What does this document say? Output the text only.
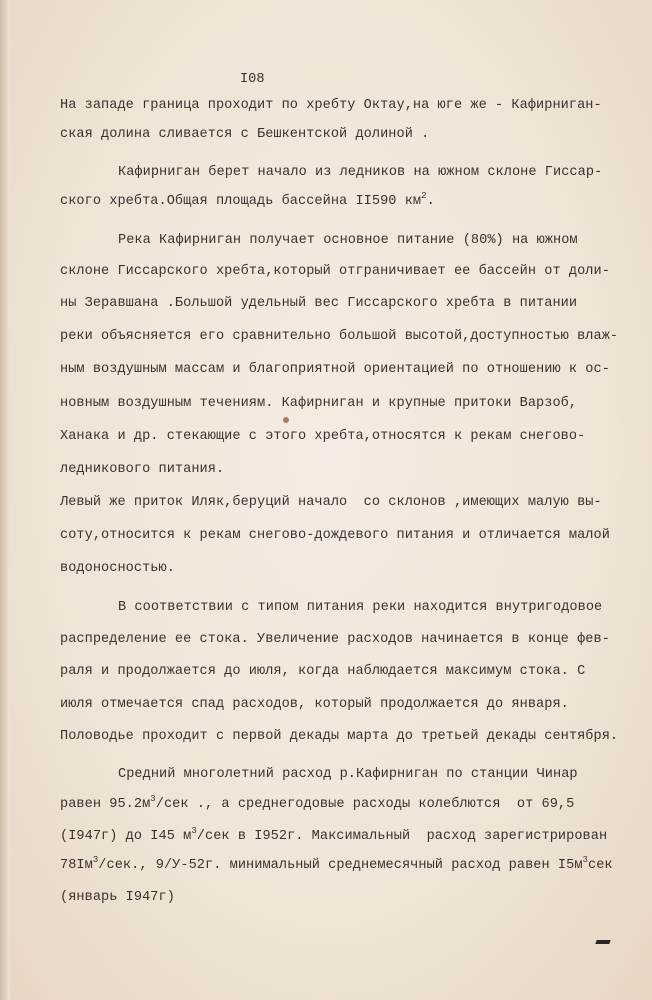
I08
На западе граница проходит по хребту Октау,на юге же - Кафирниган-
ская долина сливается с Бешкентской долиной .
Кафирниган берет начало из ледников на южном склоне Гиссар-
ского хребта.Общая площадь бассейна II590 $км^2$.
Река Кафирниган получает основное питание (80%) на южном
склоне Гиссарского хребта,который отграничивает ее бассейн от доли-
ны Зеравшана .Большой удельный вес Гиссарского хребта в питании
реки объясняется его сравнительно большой высотой,доступностью влаж-
ным воздушным массам и благоприятной ориентацией по отношению к ос-
новным воздушным течениям. Кафирниган и крупные притоки Варзоб,
Ханака и др. стекающие с этого хребта,относятся к рекам снегово-
ледникового питания.
Левый же приток Иляк,беруций начало  со склонов ,имеющих малую вы-
соту,относится к рекам снегово-дождевого питания и отличается малой
водоносностью.
В соответствии с типом питания реки находится внутригодовое
распределение ее стока. Увеличение расходов начинается в конце фев-
раля и продолжается до июля, когда наблюдается максимум стока. С
июля отмечается спад расходов, который продолжается до января.
Половодье проходит с первой декады марта до третьей декады сентября.
Средний многолетний расход р.Кафирниган по станции Чинар
равен $95.2м^3$/сек ., а среднегодовые расходы колеблются  от 69,5
(I947г) до I45 $м^3$/сек в I952г. Максимальный  расход зарегистрирован
$78Iм^3$/сек., 9/У-52г. минимальный среднемесячный расход равен $I5м^3сек$
(январь I947г)
